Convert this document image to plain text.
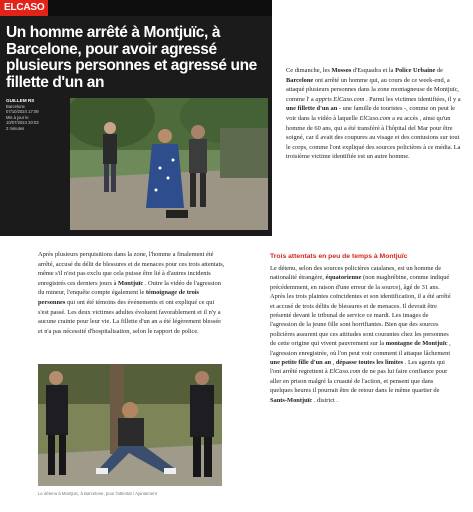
ELCASO
Un homme arrêté à Montjuïc, à Barcelone, pour avoir agressé plusieurs personnes et agressé une fillette d'un an
GUILLEM RS
Barcelone
07/10/2024 17:09
Mis à jour le
10/07/2024 20:03
2 minutes

Ce dimanche, les Mossos d'Esquadra et la Police Urbaine de Barcelone ont arrêté un homme qui, au cours de ce week-end, a attaqué plusieurs personnes dans la zone montagneuse de Montjuïc, comme l' a appris ElCaso.com . Parmi les victimes identifiées, il y a une fillette d'un an - une famille de touristes -, comme on peut le voir dans la vidéo à laquelle ElCaso.com a eu accès , ainsi qu'un homme de 60 ans, qui a été transféré à l'hôpital del Mar pour être soigné, car il avait des coupures au visage et des contusions sur tout le corps, comme l'ont expliqué des sources policières à ce média. La troisième victime identifiée est un autre homme.

Après plusieurs perquisitions dans la zone, l'homme a finalement été arrêté, accusé du délit de blessures et de menaces pour ces trois attentats, même s'il n'est pas exclu que cela puisse être lié à d'autres incidents enregistrés ces derniers jours à Montjuïc . Outre la vidéo de l'agression du mineur, l'enquête compte également le témoignage de trois personnes qui ont été témoins des événements et ont expliqué ce qui s'est passé. Les deux victimes adultes évoluent favorablement et il n'y a aucune crainte pour leur vie. La fillette d'un an a été légèrement blessée et n'a pas nécessité d'hospitalisation, selon le rapport de police.

Le détenu à Montjuïc, à Barcelone, pour l'attentat / Ajuntament
Trois attentats en peu de temps à Montjuïc

Le détenu, selon des sources policières catalanes, est un homme de nationalité étrangère, équatorienne (non maghrébine, comme indiqué précédemment, en raison d'une erreur de la source), âgé de 31 ans. Après les trois plaintes coïncidentes et son identification, il a été arrêté et accusé de trois délits de blessures et de menaces. Il devrait être présenté devant le tribunal de service ce mardi. Les images de l'agression de la jeune fille sont horrifiantes. Bien que des sources policières assurent que ces attitudes sont courantes chez les personnes de cette origine qui vivent pauvrement sur la montagne de Montjuïc , l'agression enregistrée, où l'on peut voir comment il attaque lâchement une petite fille d'un an , dépasse toutes les limites . Les agents qui l'ont arrêté regrettent à ElCaso.com de ne pas lui faire confiance pour aller en prison malgré la cruauté de l'action, et pensent que dans quelques heures il pourrait être de retour dans le même quartier de Sants-Montjuïc . district .
